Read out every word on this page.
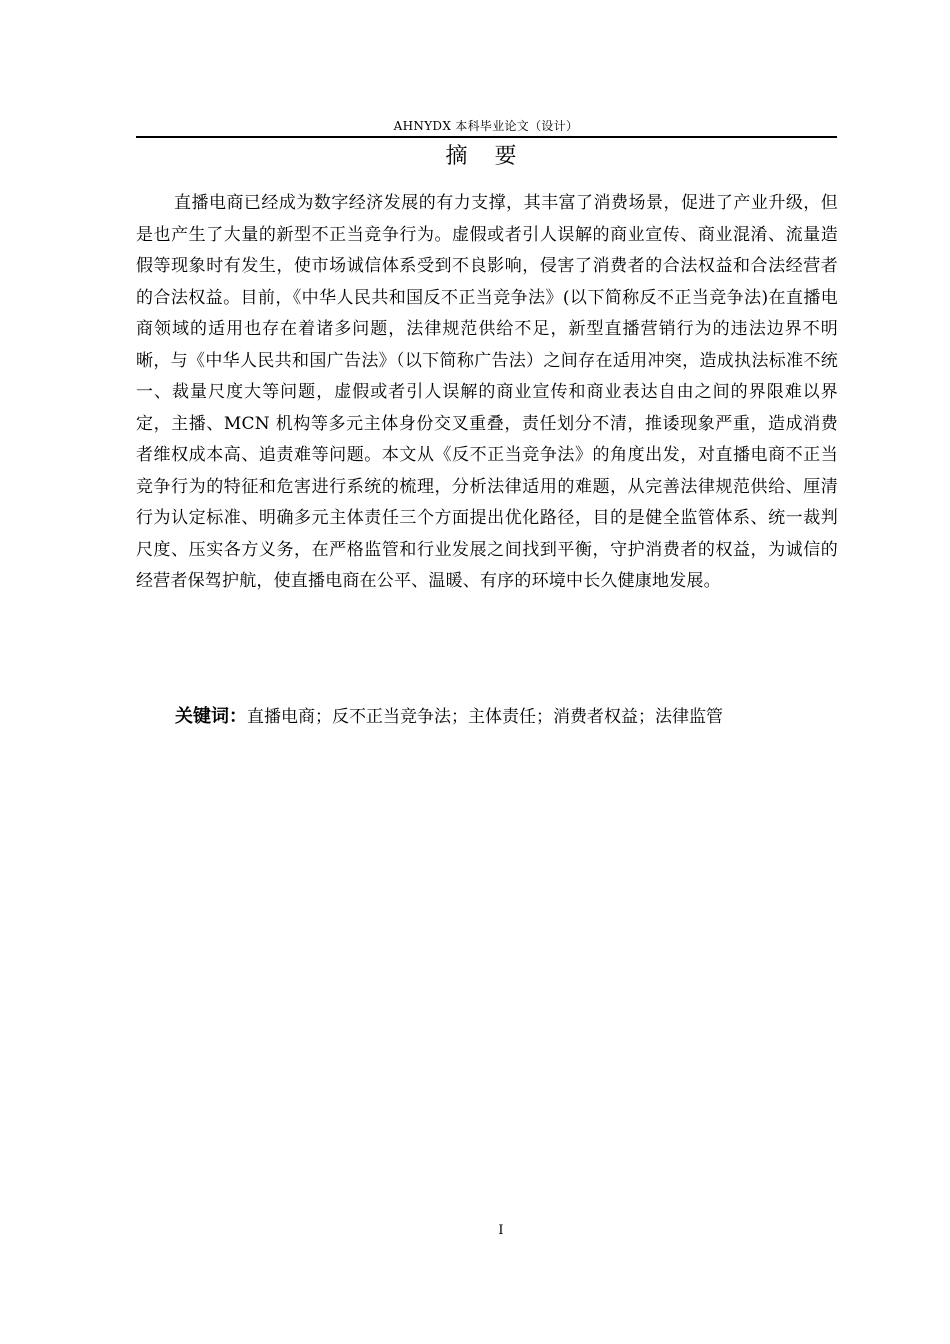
AHNYDX 本科毕业论文（设计）
摘 要

直播电商已经成为数字经济发展的有力支撑，其丰富了消费场景，促进了产业升级，但是也产生了大量的新型不正当竞争行为。虚假或者引人误解的商业宣传、商业混淆、流量造假等现象时有发生，使市场诚信体系受到不良影响，侵害了消费者的合法权益和合法经营者的合法权益。目前，《中华人民共和国反不正当竞争法》(以下简称反不正当竞争法)在直播电商领域的适用也存在着诸多问题，法律规范供给不足，新型直播营销行为的违法边界不明晰，与《中华人民共和国广告法》（以下简称广告法）之间存在适用冲突，造成执法标准不统一、裁量尺度大等问题，虚假或者引人误解的商业宣传和商业表达自由之间的界限难以界定，主播、MCN 机构等多元主体身份交叉重叠，责任划分不清，推诿现象严重，造成消费者维权成本高、追责难等问题。本文从《反不正当竞争法》的角度出发，对直播电商不正当竞争行为的特征和危害进行系统的梳理，分析法律适用的难题，从完善法律规范供给、厘清行为认定标准、明确多元主体责任三个方面提出优化路径，目的是健全监管体系、统一裁判尺度、压实各方义务，在严格监管和行业发展之间找到平衡，守护消费者的权益，为诚信的经营者保驾护航，使直播电商在公平、温暖、有序的环境中长久健康地发展。

关键词：直播电商；反不正当竞争法；主体责任；消费者权益；法律监管
I
